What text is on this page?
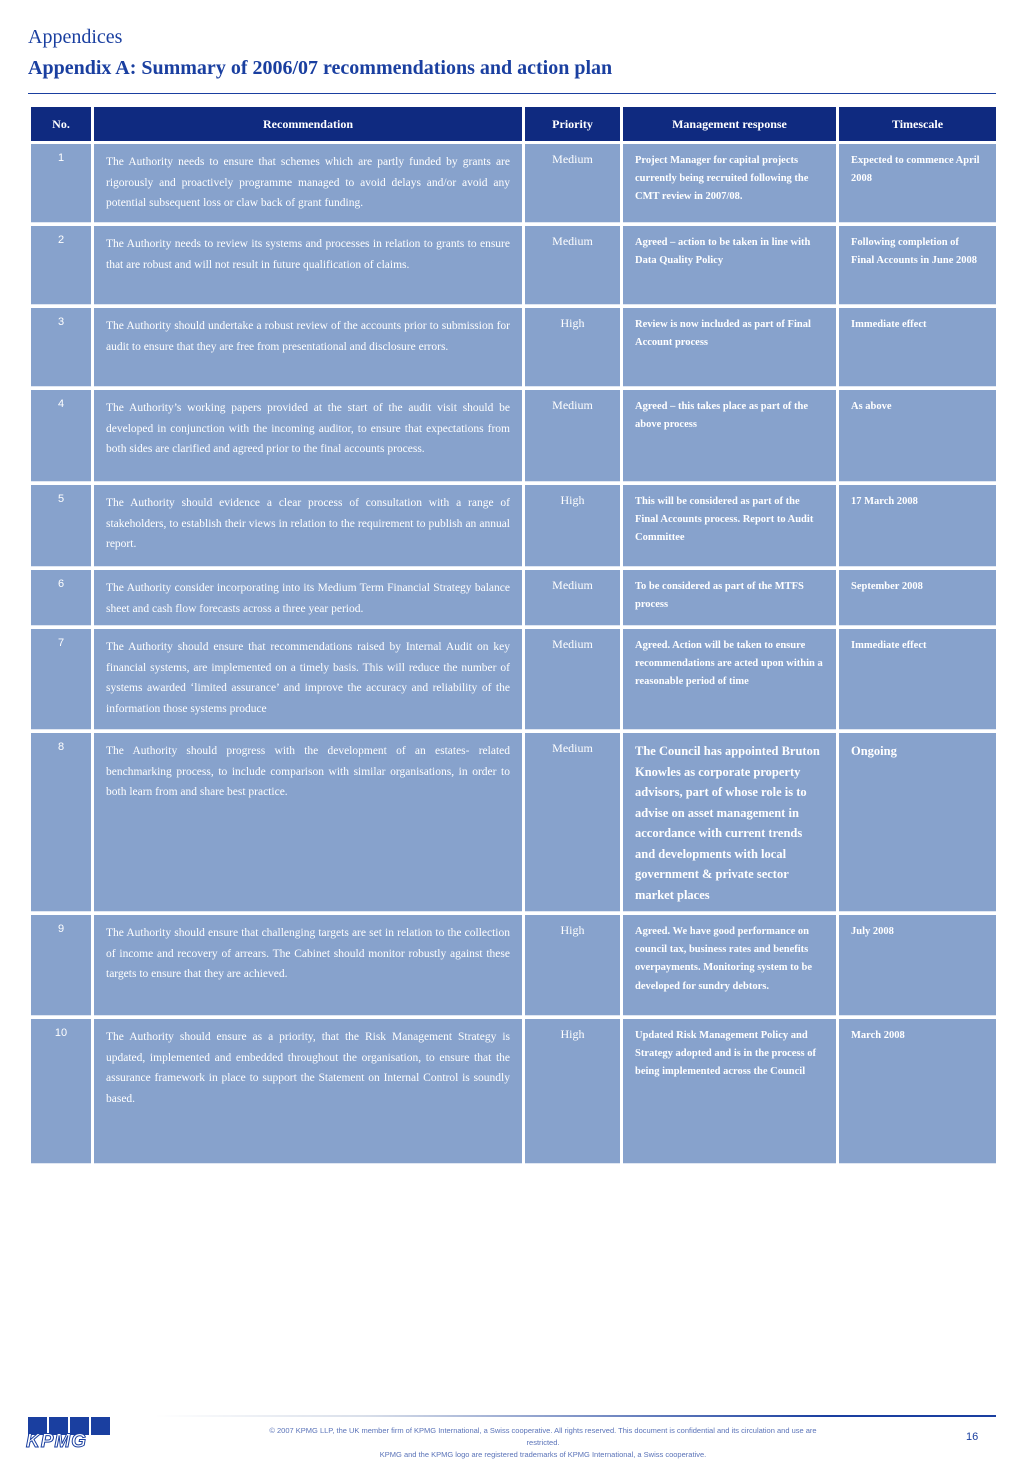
Appendices
Appendix A: Summary of 2006/07 recommendations and action plan
No.	Recommendation	Priority	Management response	Timescale
1	The Authority needs to ensure that schemes which are partly funded by grants are rigorously and proactively programme managed to avoid delays and/or avoid any potential subsequent loss or claw back of grant funding.	Medium	Project Manager for capital projects currently being recruited following the CMT review in 2007/08.	Expected to commence April 2008
2	The Authority needs to review its systems and processes in relation to grants to ensure that are robust and will not result in future qualification of claims.	Medium	Agreed – action to be taken in line with Data Quality Policy	Following completion of Final Accounts in June 2008
3	The Authority should undertake a robust review of the accounts prior to submission for audit to ensure that they are free from presentational and disclosure errors.	High	Review is now included as part of Final Account process	Immediate effect
4	The Authority’s working papers provided at the start of the audit visit should be developed in conjunction with the incoming auditor, to ensure that expectations from both sides are clarified and agreed prior to the final accounts process.	Medium	Agreed – this takes place as part of the above process	As above
5	The Authority should evidence a clear process of consultation with a range of stakeholders, to establish their views in relation to the requirement to publish an annual report.	High	This will be considered as part of the Final Accounts process. Report to Audit Committee	17 March 2008
6	The Authority consider incorporating into its Medium Term Financial Strategy balance sheet and cash flow forecasts across a three year period.	Medium	To be considered as part of the MTFS process	September 2008
7	The Authority should ensure that recommendations raised by Internal Audit on key financial systems, are implemented on a timely basis. This will reduce the number of systems awarded ‘limited assurance’ and improve the accuracy and reliability of the information those systems produce	Medium	Agreed. Action will be taken to ensure recommendations are acted upon within a reasonable period of time	Immediate effect
8	The Authority should progress with the development of an estates- related benchmarking process, to include comparison with similar organisations, in order to both learn from and share best practice.	Medium	The Council has appointed Bruton Knowles as corporate property advisors, part of whose role is to advise on asset management in accordance with current trends and developments with local government & private sector market places	Ongoing
9	The Authority should ensure that challenging targets are set in relation to the collection of income and recovery of arrears. The Cabinet should monitor robustly against these targets to ensure that they are achieved.	High	Agreed. We have good performance on council tax, business rates and benefits overpayments. Monitoring system to be developed for sundry debtors.	July 2008
10	The Authority should ensure as a priority, that the Risk Management Strategy is updated, implemented and embedded throughout the organisation, to ensure that the assurance framework in place to support the Statement on Internal Control is soundly based.	High	Updated Risk Management Policy and Strategy adopted and is in the process of being implemented across the Council	March 2008
KPMG
© 2007 KPMG LLP, the UK member firm of KPMG International, a Swiss cooperative. All rights reserved. This document is confidential and its circulation and use are restricted.
KPMG and the KPMG logo are registered trademarks of KPMG International, a Swiss cooperative.
16
